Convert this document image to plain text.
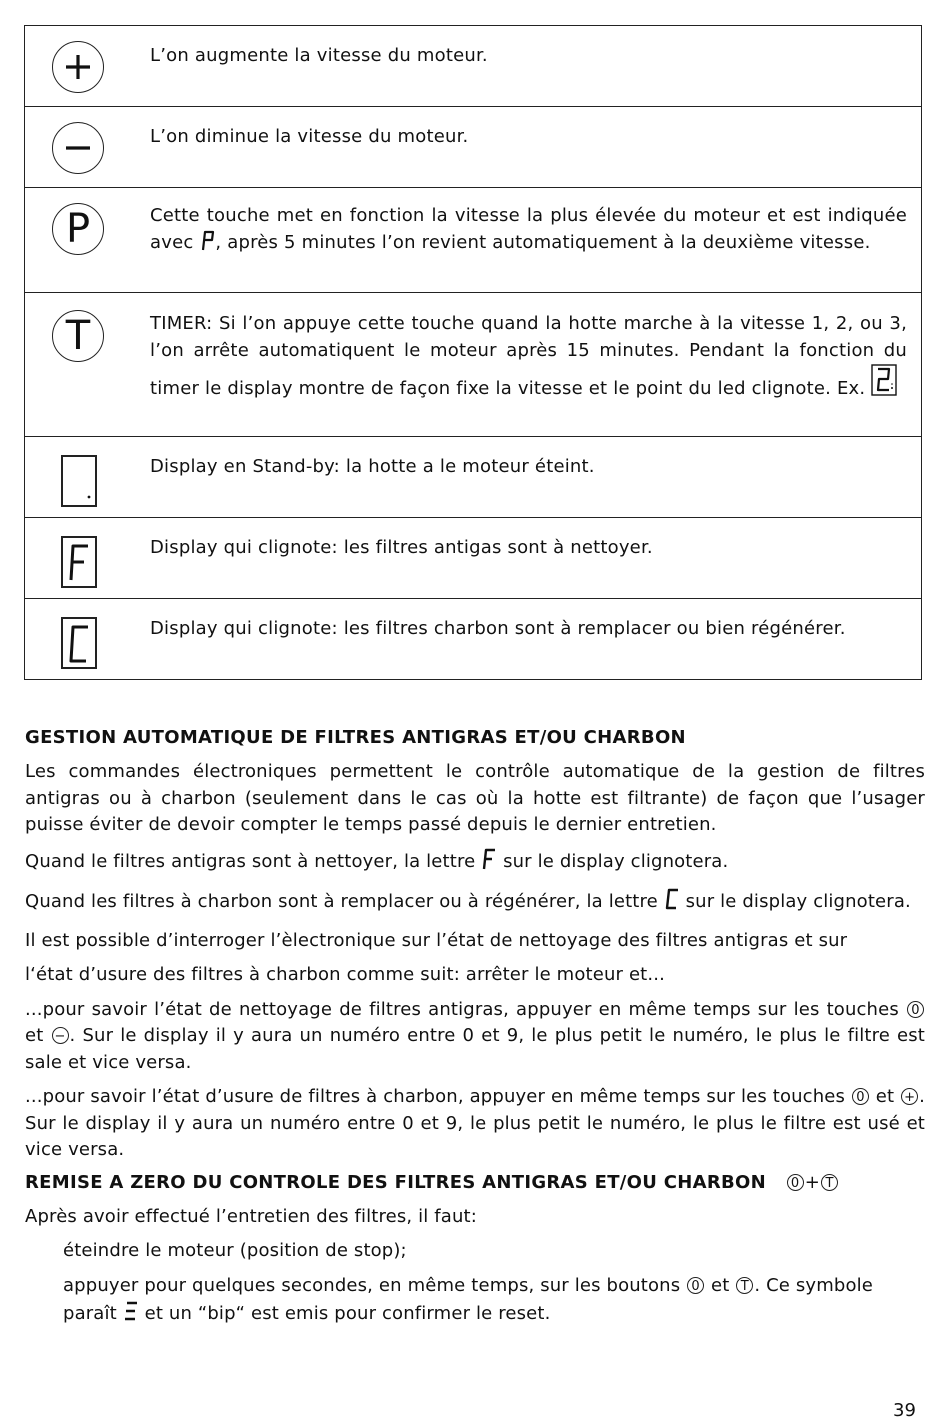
L’on augmente la vitesse du moteur.
L’on diminue la vitesse du moteur.
P	Cette touche met en fonction la vitesse la plus élevée du moteur et est indiquée avec , après 5 minutes l’on revient automatiquement à la deuxième vitesse.
T	TIMER: Si l’on appuye cette touche quand la hotte marche à la vitesse 1, 2, ou 3, l’on arrête automatiquent le moteur après 15 minutes. Pendant la fonction du timer le display montre de façon fixe la vitesse et le point du led clignote. Ex.
Display en Stand-by: la hotte a le moteur éteint.
Display qui clignote: les filtres antigas sont à nettoyer.
Display qui clignote: les filtres charbon sont à remplacer ou bien régénérer.
GESTION AUTOMATIQUE DE FILTRES ANTIGRAS ET/OU CHARBON

Les commandes électroniques permettent le contrôle automatique de la gestion de filtres antigras ou à charbon (seulement dans le cas où la hotte est filtrante) de façon que l’usager puisse éviter de devoir compter le temps passé depuis le dernier entretien.

Quand le filtres antigras sont à nettoyer, la lettre  sur le display clignotera.

Quand les filtres à charbon sont à remplacer ou à régénérer, la lettre  sur le display clignotera.

Il est possible d’interroger l’èlectronique sur l’état de nettoyage des filtres antigras et sur

l‘état d’usure des filtres à charbon comme suit: arrêter le moteur et...

...pour savoir l’état de nettoyage de filtres antigras, appuyer en même temps sur les touches 0 et − . Sur le display il y aura un numéro entre 0 et 9, le plus petit le numéro, le plus le filtre est sale et vice versa.

...pour savoir l’état d’usure de filtres à charbon, appuyer en même temps sur les touches 0 et + . Sur le display il y aura un numéro entre 0 et 9, le plus petit le numéro, le plus le filtre est usé et vice versa.

REMISE A ZERO DU CONTROLE DES FILTRES ANTIGRAS ET/OU CHARBON 0 + T

Après avoir effectué l’entretien des filtres, il faut:

éteindre le moteur (position de stop);

appuyer pour quelques secondes, en même temps, sur les boutons 0 et T . Ce symbole paraît  et un “bip“ est emis pour confirmer le reset.

39
